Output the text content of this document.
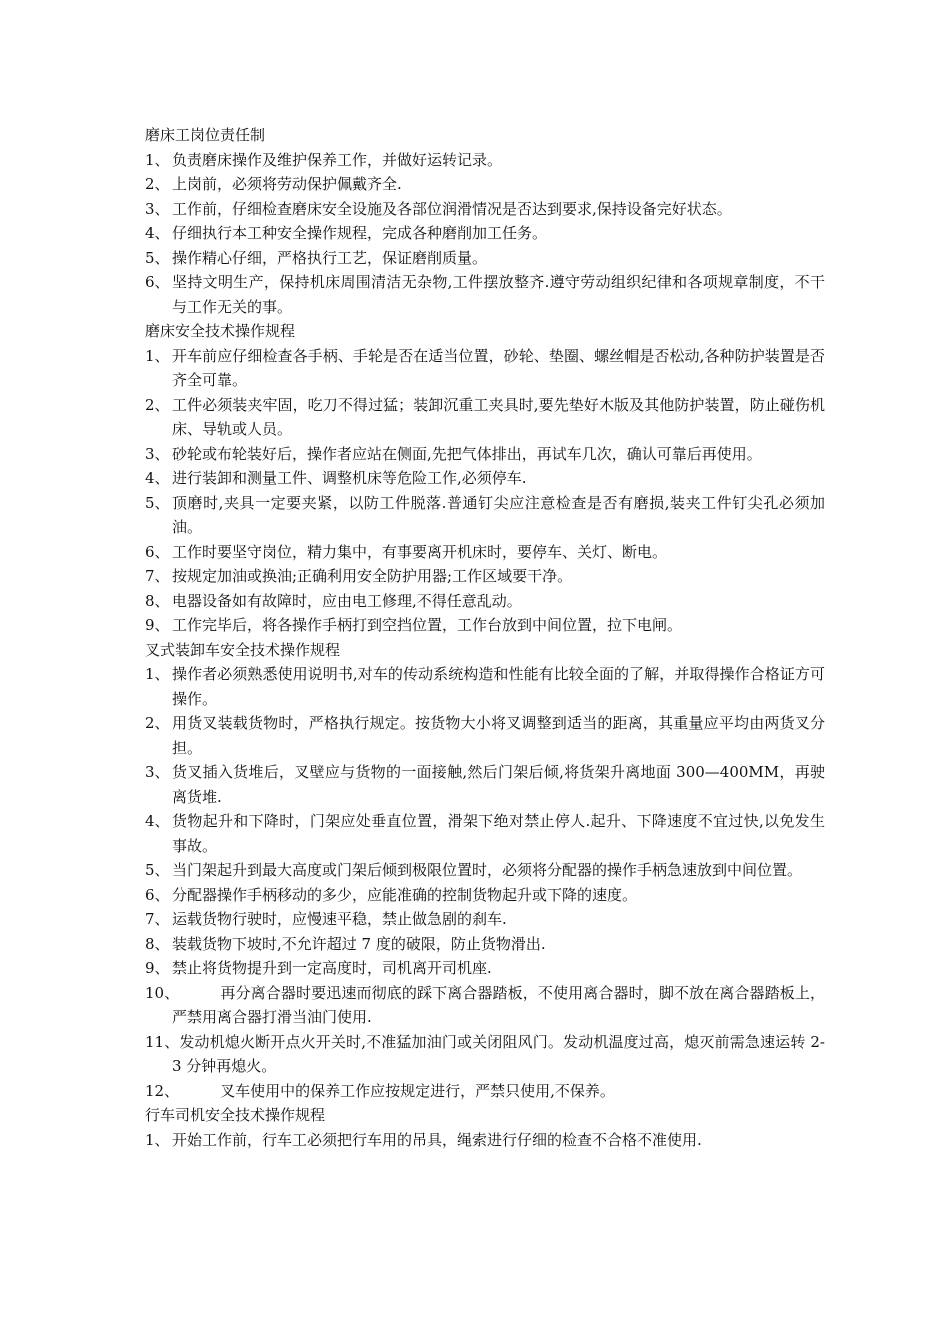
磨床工岗位责任制
1、 负责磨床操作及维护保养工作，并做好运转记录。
2、 上岗前，必须将劳动保护佩戴齐全.
3、 工作前，仔细检查磨床安全设施及各部位润滑情况是否达到要求,保持设备完好状态。
4、 仔细执行本工种安全操作规程，完成各种磨削加工任务。
5、 操作精心仔细，严格执行工艺，保证磨削质量。
6、 坚持文明生产，保持机床周围清洁无杂物,工件摆放整齐.遵守劳动组织纪律和各项规章制度，不干与工作无关的事。
磨床安全技术操作规程
1、 开车前应仔细检查各手柄、手轮是否在适当位置，砂轮、垫圈、螺丝帽是否松动,各种防护装置是否齐全可靠。
2、 工件必须装夹牢固，吃刀不得过猛；装卸沉重工夹具时,要先垫好木版及其他防护装置，防止碰伤机床、导轨或人员。
3、 砂轮或布轮装好后，操作者应站在侧面,先把气体排出，再试车几次，确认可靠后再使用。
4、 进行装卸和测量工件、调整机床等危险工作,必须停车.
5、 顶磨时,夹具一定要夹紧，以防工件脱落.普通钉尖应注意检查是否有磨损,装夹工件钉尖孔必须加油。
6、 工作时要坚守岗位，精力集中，有事要离开机床时，要停车、关灯、断电。
7、 按规定加油或换油;正确利用安全防护用器;工作区域要干净。
8、 电器设备如有故障时，应由电工修理,不得任意乱动。
9、 工作完毕后，将各操作手柄打到空挡位置，工作台放到中间位置，拉下电闸。
叉式装卸车安全技术操作规程
1、 操作者必须熟悉使用说明书,对车的传动系统构造和性能有比较全面的了解，并取得操作合格证方可操作。
2、 用货叉装载货物时，严格执行规定。按货物大小将叉调整到适当的距离，其重量应平均由两货叉分担。
3、 货叉插入货堆后，叉壁应与货物的一面接触,然后门架后倾,将货架升离地面 300—400MM，再驶离货堆.
4、 货物起升和下降时，门架应处垂直位置，滑架下绝对禁止停人.起升、下降速度不宜过快,以免发生事故。
5、 当门架起升到最大高度或门架后倾到极限位置时，必须将分配器的操作手柄急速放到中间位置。
6、 分配器操作手柄移动的多少，应能准确的控制货物起升或下降的速度。
7、 运载货物行驶时，应慢速平稳，禁止做急剧的刹车.
8、 装载货物下坡时,不允许超过 7 度的破限，防止货物滑出.
9、 禁止将货物提升到一定高度时，司机离开司机座.
10、	再分离合器时要迅速而彻底的踩下离合器踏板，不使用离合器时，脚不放在离合器踏板上，严禁用离合器打滑当油门使用.
11、发动机熄火断开点火开关时,不准猛加油门或关闭阻风门。发动机温度过高，熄灭前需急速运转 2-3 分钟再熄火。
12、	叉车使用中的保养工作应按规定进行，严禁只使用,不保养。
行车司机安全技术操作规程
1、 开始工作前，行车工必须把行车用的吊具，绳索进行仔细的检查不合格不准使用.
